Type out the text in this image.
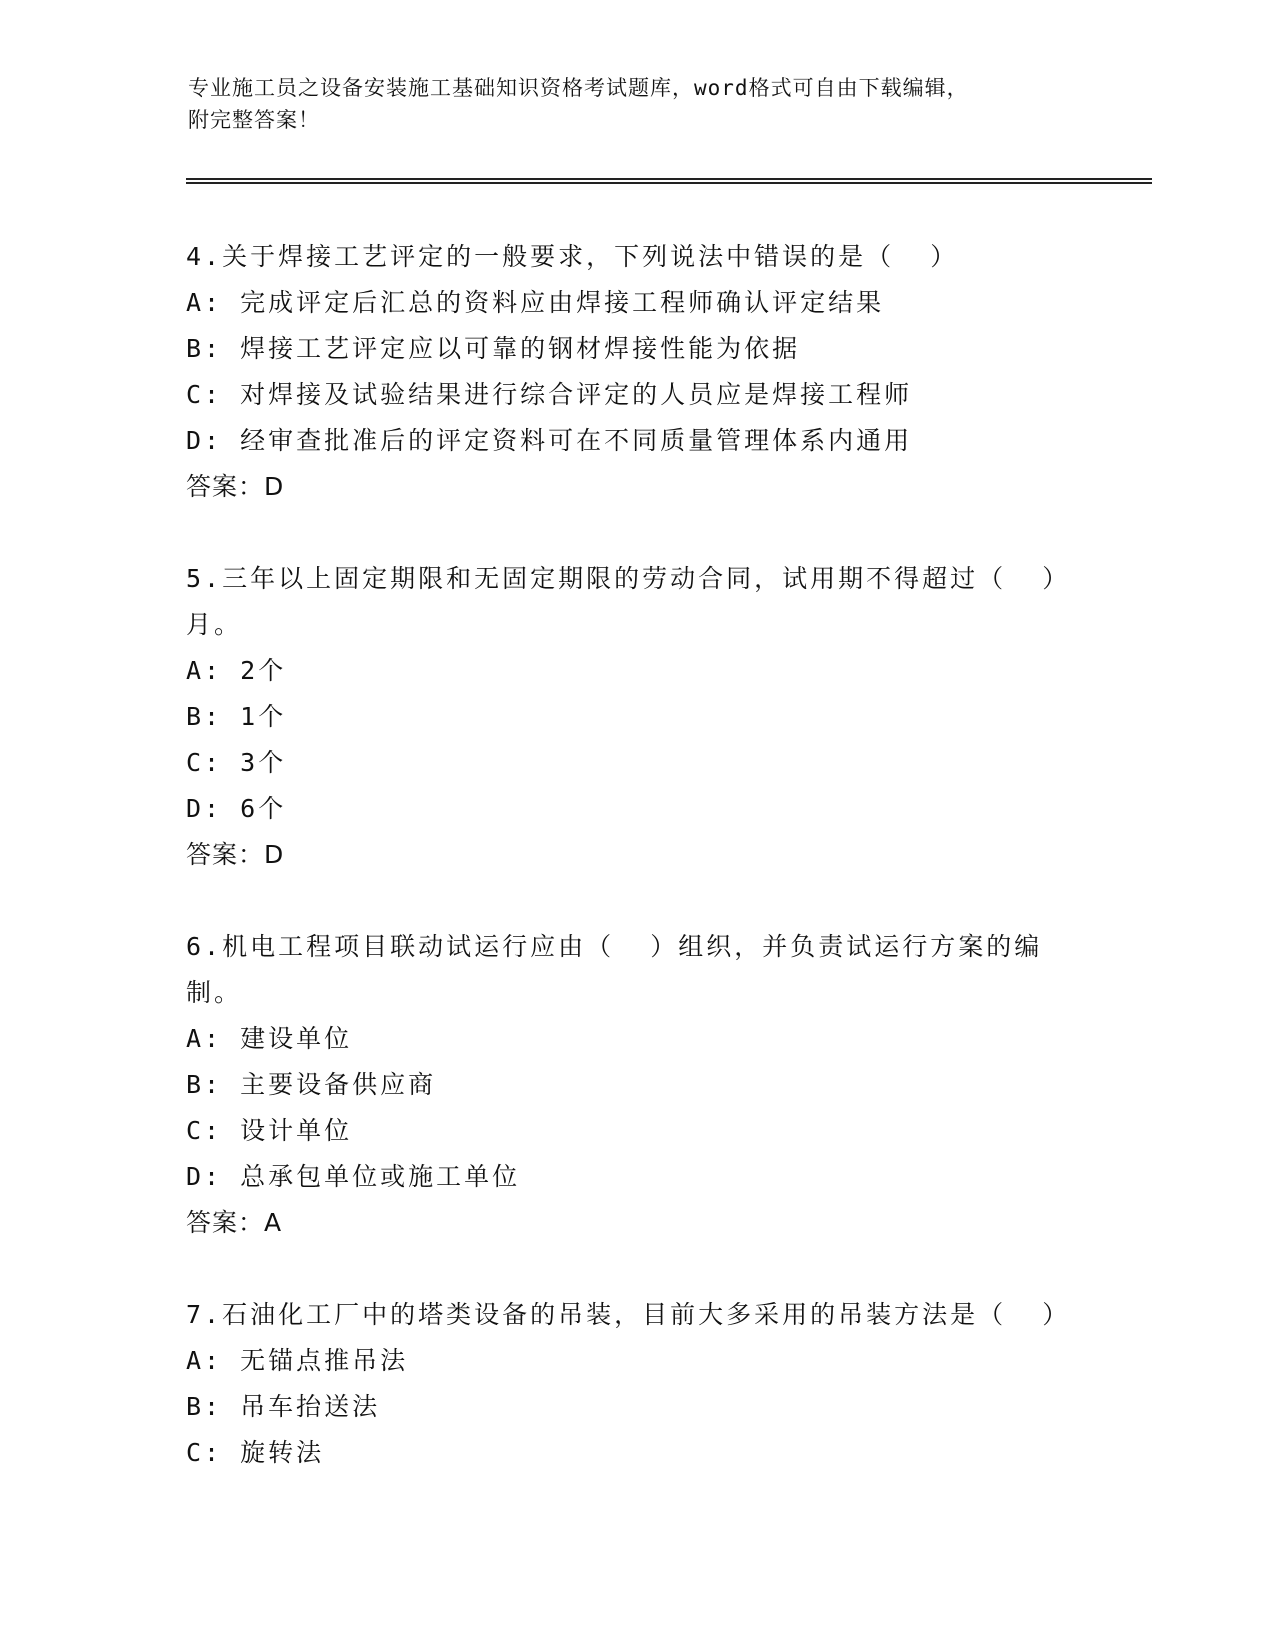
专业施工员之设备安装施工基础知识资格考试题库，word格式可自由下载编辑，
附完整答案！
4.关于焊接工艺评定的一般要求，下列说法中错误的是（  ）
A: 完成评定后汇总的资料应由焊接工程师确认评定结果
B: 焊接工艺评定应以可靠的钢材焊接性能为依据
C: 对焊接及试验结果进行综合评定的人员应是焊接工程师
D: 经审查批准后的评定资料可在不同质量管理体系内通用
答案：D
5.三年以上固定期限和无固定期限的劳动合同，试用期不得超过（  ）月。
A: 2个
B: 1个
C: 3个
D: 6个
答案：D
6.机电工程项目联动试运行应由（  ）组织，并负责试运行方案的编制。
A: 建设单位
B: 主要设备供应商
C: 设计单位
D: 总承包单位或施工单位
答案：A
7.石油化工厂中的塔类设备的吊装，目前大多采用的吊装方法是（  ）
A: 无锚点推吊法
B: 吊车抬送法
C: 旋转法
